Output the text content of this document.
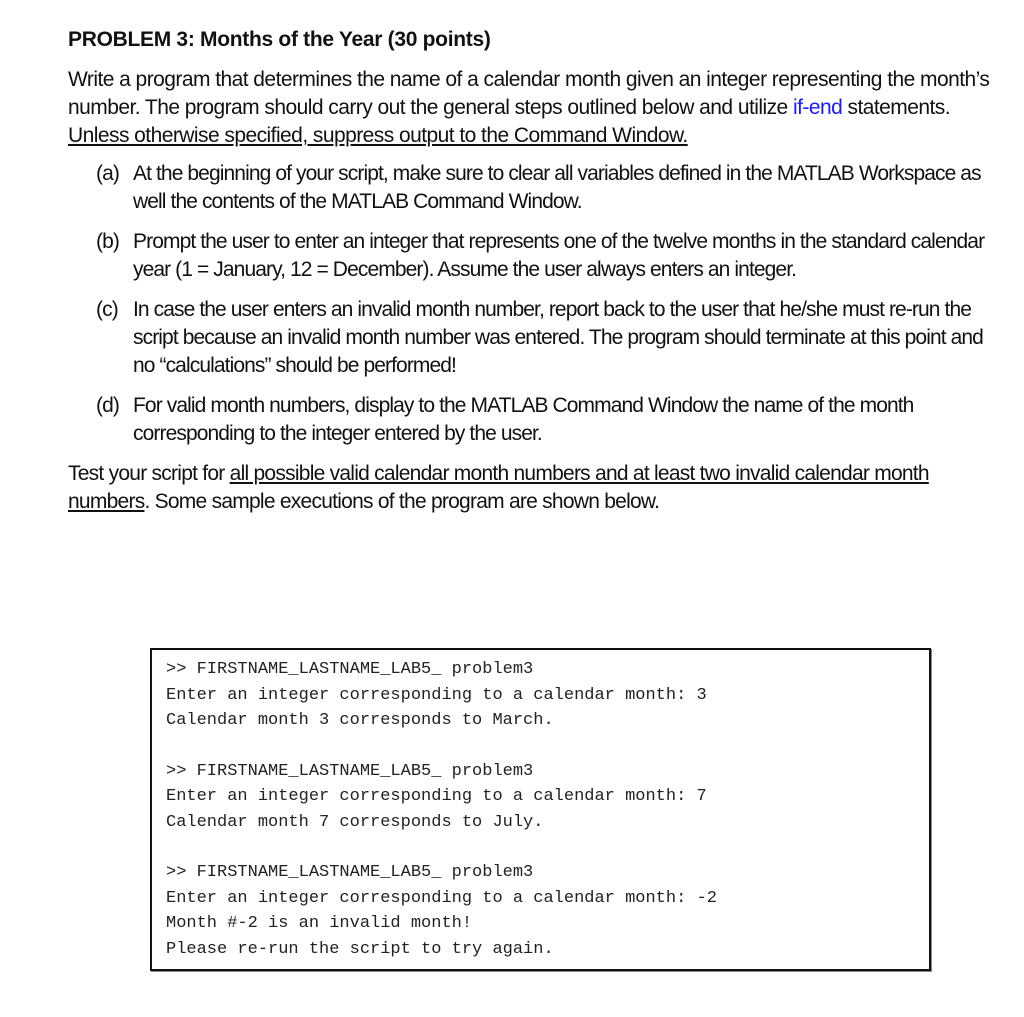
PROBLEM 3: Months of the Year (30 points)

Write a program that determines the name of a calendar month given an integer representing the month’s number. The program should carry out the general steps outlined below and utilize if-end statements. Unless otherwise specified, suppress output to the Command Window.

(a) At the beginning of your script, make sure to clear all variables defined in the MATLAB Workspace as well the contents of the MATLAB Command Window.
(b) Prompt the user to enter an integer that represents one of the twelve months in the standard calendar year (1 = January, 12 = December). Assume the user always enters an integer.
(c) In case the user enters an invalid month number, report back to the user that he/she must re-run the script because an invalid month number was entered. The program should terminate at this point and no “calculations” should be performed!
(d) For valid month numbers, display to the MATLAB Command Window the name of the month corresponding to the integer entered by the user.

Test your script for all possible valid calendar month numbers and at least two invalid calendar month numbers. Some sample executions of the program are shown below.

>> FIRSTNAME_LASTNAME_LAB5_ problem3
Enter an integer corresponding to a calendar month: 3
Calendar month 3 corresponds to March.
>> FIRSTNAME_LASTNAME_LAB5_ problem3
Enter an integer corresponding to a calendar month: 7
Calendar month 7 corresponds to July.
>> FIRSTNAME_LASTNAME_LAB5_ problem3
Enter an integer corresponding to a calendar month: -2
Month #-2 is an invalid month!
Please re-run the script to try again.
